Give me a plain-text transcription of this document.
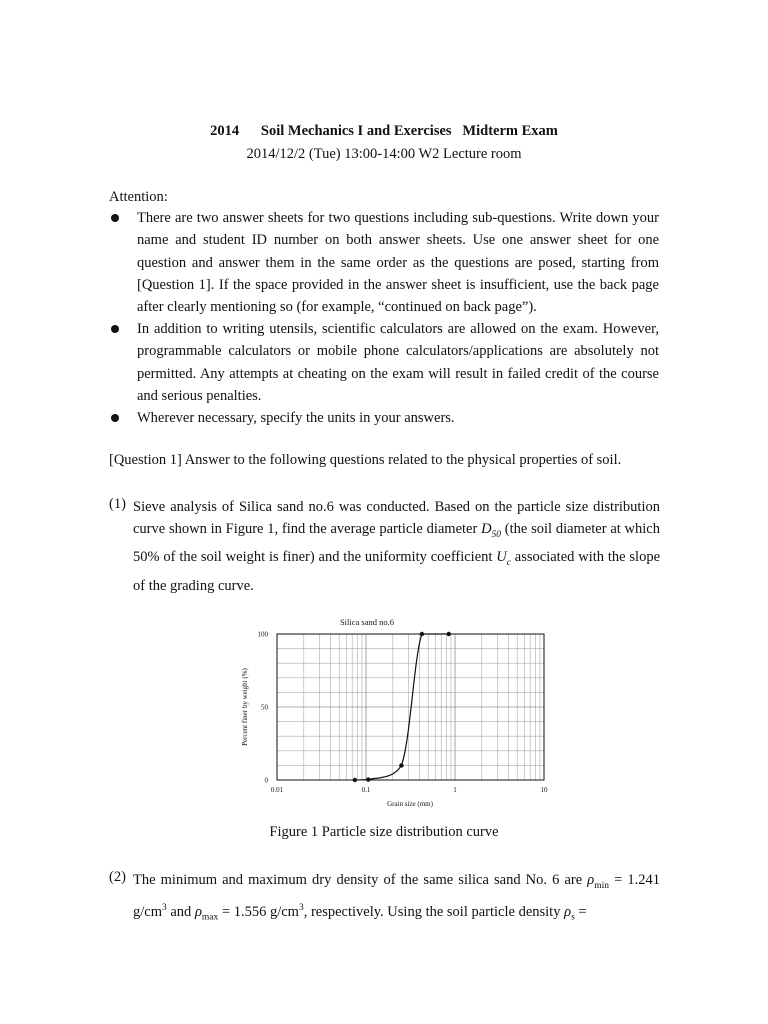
2014      Soil Mechanics I and Exercises   Midterm Exam
2014/12/2 (Tue) 13:00-14:00 W2 Lecture room
Attention:
There are two answer sheets for two questions including sub-questions. Write down your name and student ID number on both answer sheets. Use one answer sheet for one question and answer them in the same order as the questions are posed, starting from [Question 1]. If the space provided in the answer sheet is insufficient, use the back page after clearly mentioning so (for example, “continued on back page”).
In addition to writing utensils, scientific calculators are allowed on the exam. However, programmable calculators or mobile phone calculators/applications are absolutely not permitted. Any attempts at cheating on the exam will result in failed credit of the course and serious penalties.
Wherever necessary, specify the units in your answers.
[Question 1] Answer to the following questions related to the physical properties of soil.
(1) Sieve analysis of Silica sand no.6 was conducted. Based on the particle size distribution curve shown in Figure 1, find the average particle diameter $D_{50}$ (the soil diameter at which 50% of the soil weight is finer) and the uniformity coefficient $U_c$ associated with the slope of the grading curve.
Silica sand no.6
0
50
100
0.01	0.1	1	10
Percent finer by weight (%)
Grain size (mm)
Figure 1 Particle size distribution curve
(2) The minimum and maximum dry density of the same silica sand No. 6 are $\rho_{min} = 1.241$ $g/cm^3$ and $\rho_{max} = 1.556$ $g/cm^3$, respectively. Using the soil particle density $\rho_s$ =
